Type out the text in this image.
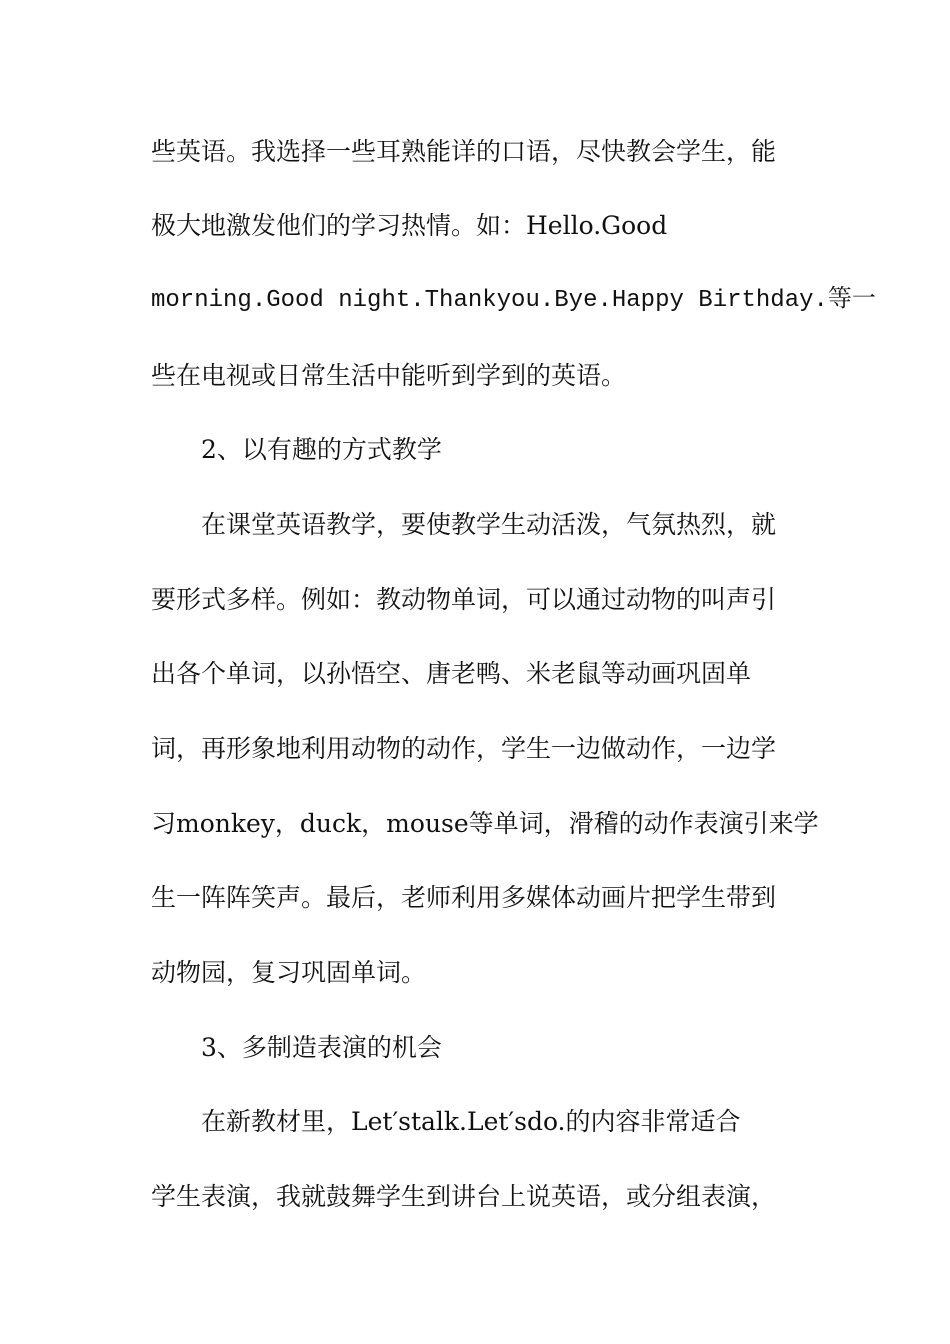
些英语。我选择一些耳熟能详的口语，尽快教会学生，能
极大地激发他们的学习热情。如：Hello.Good
morning.Good night.Thankyou.Bye.Happy Birthday.等一
些在电视或日常生活中能听到学到的英语。
2、以有趣的方式教学
在课堂英语教学，要使教学生动活泼，气氛热烈，就
要形式多样。例如：教动物单词，可以通过动物的叫声引
出各个单词，以孙悟空、唐老鸭、米老鼠等动画巩固单
词，再形象地利用动物的动作，学生一边做动作，一边学
习monkey，duck，mouse等单词，滑稽的动作表演引来学
生一阵阵笑声。最后，老师利用多媒体动画片把学生带到
动物园，复习巩固单词。
3、多制造表演的机会
在新教材里，Let′stalk.Let′sdo.的内容非常适合
学生表演，我就鼓舞学生到讲台上说英语，或分组表演，
